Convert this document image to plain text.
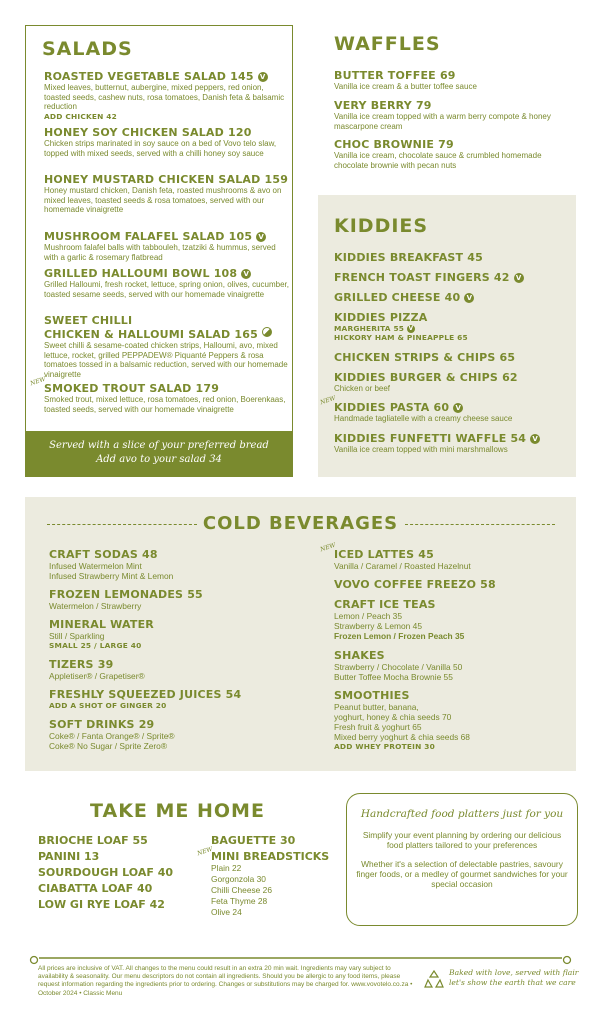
SALADS
ROASTED VEGETABLE SALAD 145 V
Mixed leaves, butternut, aubergine, mixed peppers, red onion, toasted seeds, cashew nuts, rosa tomatoes, Danish feta & balsamic reduction
ADD CHICKEN 42
HONEY SOY CHICKEN SALAD 120
Chicken strips marinated in soy sauce on a bed of Vovo telo slaw, topped with mixed seeds, served with a chilli honey soy sauce
HONEY MUSTARD CHICKEN SALAD 159
Honey mustard chicken, Danish feta, roasted mushrooms & avo on mixed leaves, toasted seeds & rosa tomatoes, served with our homemade vinaigrette
MUSHROOM FALAFEL SALAD 105 V
Mushroom falafel balls with tabbouleh, tzatziki & hummus, served with a garlic & rosemary flatbread
GRILLED HALLOUMI BOWL 108 V
Grilled Halloumi, fresh rocket, lettuce, spring onion, olives, cucumber, toasted sesame seeds, served with our homemade vinaigrette
SWEET CHILLI
CHICKEN & HALLOUMI SALAD 165
Sweet chilli & sesame-coated chicken strips, Halloumi, avo, mixed lettuce, rocket, grilled PEPPADEW® Piquanté Peppers & rosa tomatoes tossed in a balsamic reduction, served with our homemade vinaigrette
NEW
SMOKED TROUT SALAD 179
Smoked trout, mixed lettuce, rosa tomatoes, red onion, Boerenkaas, toasted seeds, served with our homemade vinaigrette
Served with a slice of your preferred bread
Add avo to your salad 34
WAFFLES
BUTTER TOFFEE 69
Vanilla ice cream & a butter toffee sauce
VERY BERRY 79
Vanilla ice cream topped with a warm berry compote & honey mascarpone cream
CHOC BROWNIE 79
Vanilla ice cream, chocolate sauce & crumbled homemade chocolate brownie with pecan nuts
KIDDIES
KIDDIES BREAKFAST 45
FRENCH TOAST FINGERS 42 V
GRILLED CHEESE 40 V
KIDDIES PIZZA
MARGHERITA 55 V
HICKORY HAM & PINEAPPLE 65
CHICKEN STRIPS & CHIPS 65
KIDDIES BURGER & CHIPS 62
Chicken or beef
NEW
KIDDIES PASTA 60 V
Handmade tagliatelle with a creamy cheese sauce
KIDDIES FUNFETTI WAFFLE 54 V
Vanilla ice cream topped with mini marshmallows
COLD BEVERAGES
CRAFT SODAS 48
Infused Watermelon Mint
Infused Strawberry Mint & Lemon
FROZEN LEMONADES 55
Watermelon / Strawberry
MINERAL WATER
Still / Sparkling
SMALL 25 / LARGE 40
TIZERS 39
Appletiser® / Grapetiser®
FRESHLY SQUEEZED JUICES 54
ADD A SHOT OF GINGER 20
SOFT DRINKS 29
Coke® / Fanta Orange® / Sprite®
Coke® No Sugar / Sprite Zero®
NEW
ICED LATTES 45
Vanilla / Caramel / Roasted Hazelnut
VOVO COFFEE FREEZO 58
CRAFT ICE TEAS
Lemon / Peach 35
Strawberry & Lemon 45
Frozen Lemon / Frozen Peach 35
SHAKES
Strawberry / Chocolate / Vanilla 50
Butter Toffee Mocha Brownie 55
SMOOTHIES
Peanut butter, banana,
yoghurt, honey & chia seeds 70
Fresh fruit & yoghurt 65
Mixed berry yoghurt & chia seeds 68
ADD WHEY PROTEIN 30
TAKE ME HOME
BRIOCHE LOAF 55
PANINI 13
SOURDOUGH LOAF 40
CIABATTA LOAF 40
LOW GI RYE LOAF 42
BAGUETTE 30
NEW
MINI BREADSTICKS
Plain 22
Gorgonzola 30
Chilli Cheese 26
Feta Thyme 28
Olive 24
Handcrafted food platters just for you
Simplify your event planning by ordering our delicious food platters tailored to your preferences
Whether it's a selection of delectable pastries, savoury finger foods, or a medley of gourmet sandwiches for your special occasion
All prices are inclusive of VAT. All changes to the menu could result in an extra 20 min wait. Ingredients may vary subject to availability & seasonality. Our menu descriptors do not contain all ingredients. Should you be allergic to any food items, please request information regarding the ingredients prior to ordering. Changes or substitutions may be charged for. www.vovotelo.co.za • October 2024 • Classic Menu
Baked with love, served with flair
let's show the earth that we care
